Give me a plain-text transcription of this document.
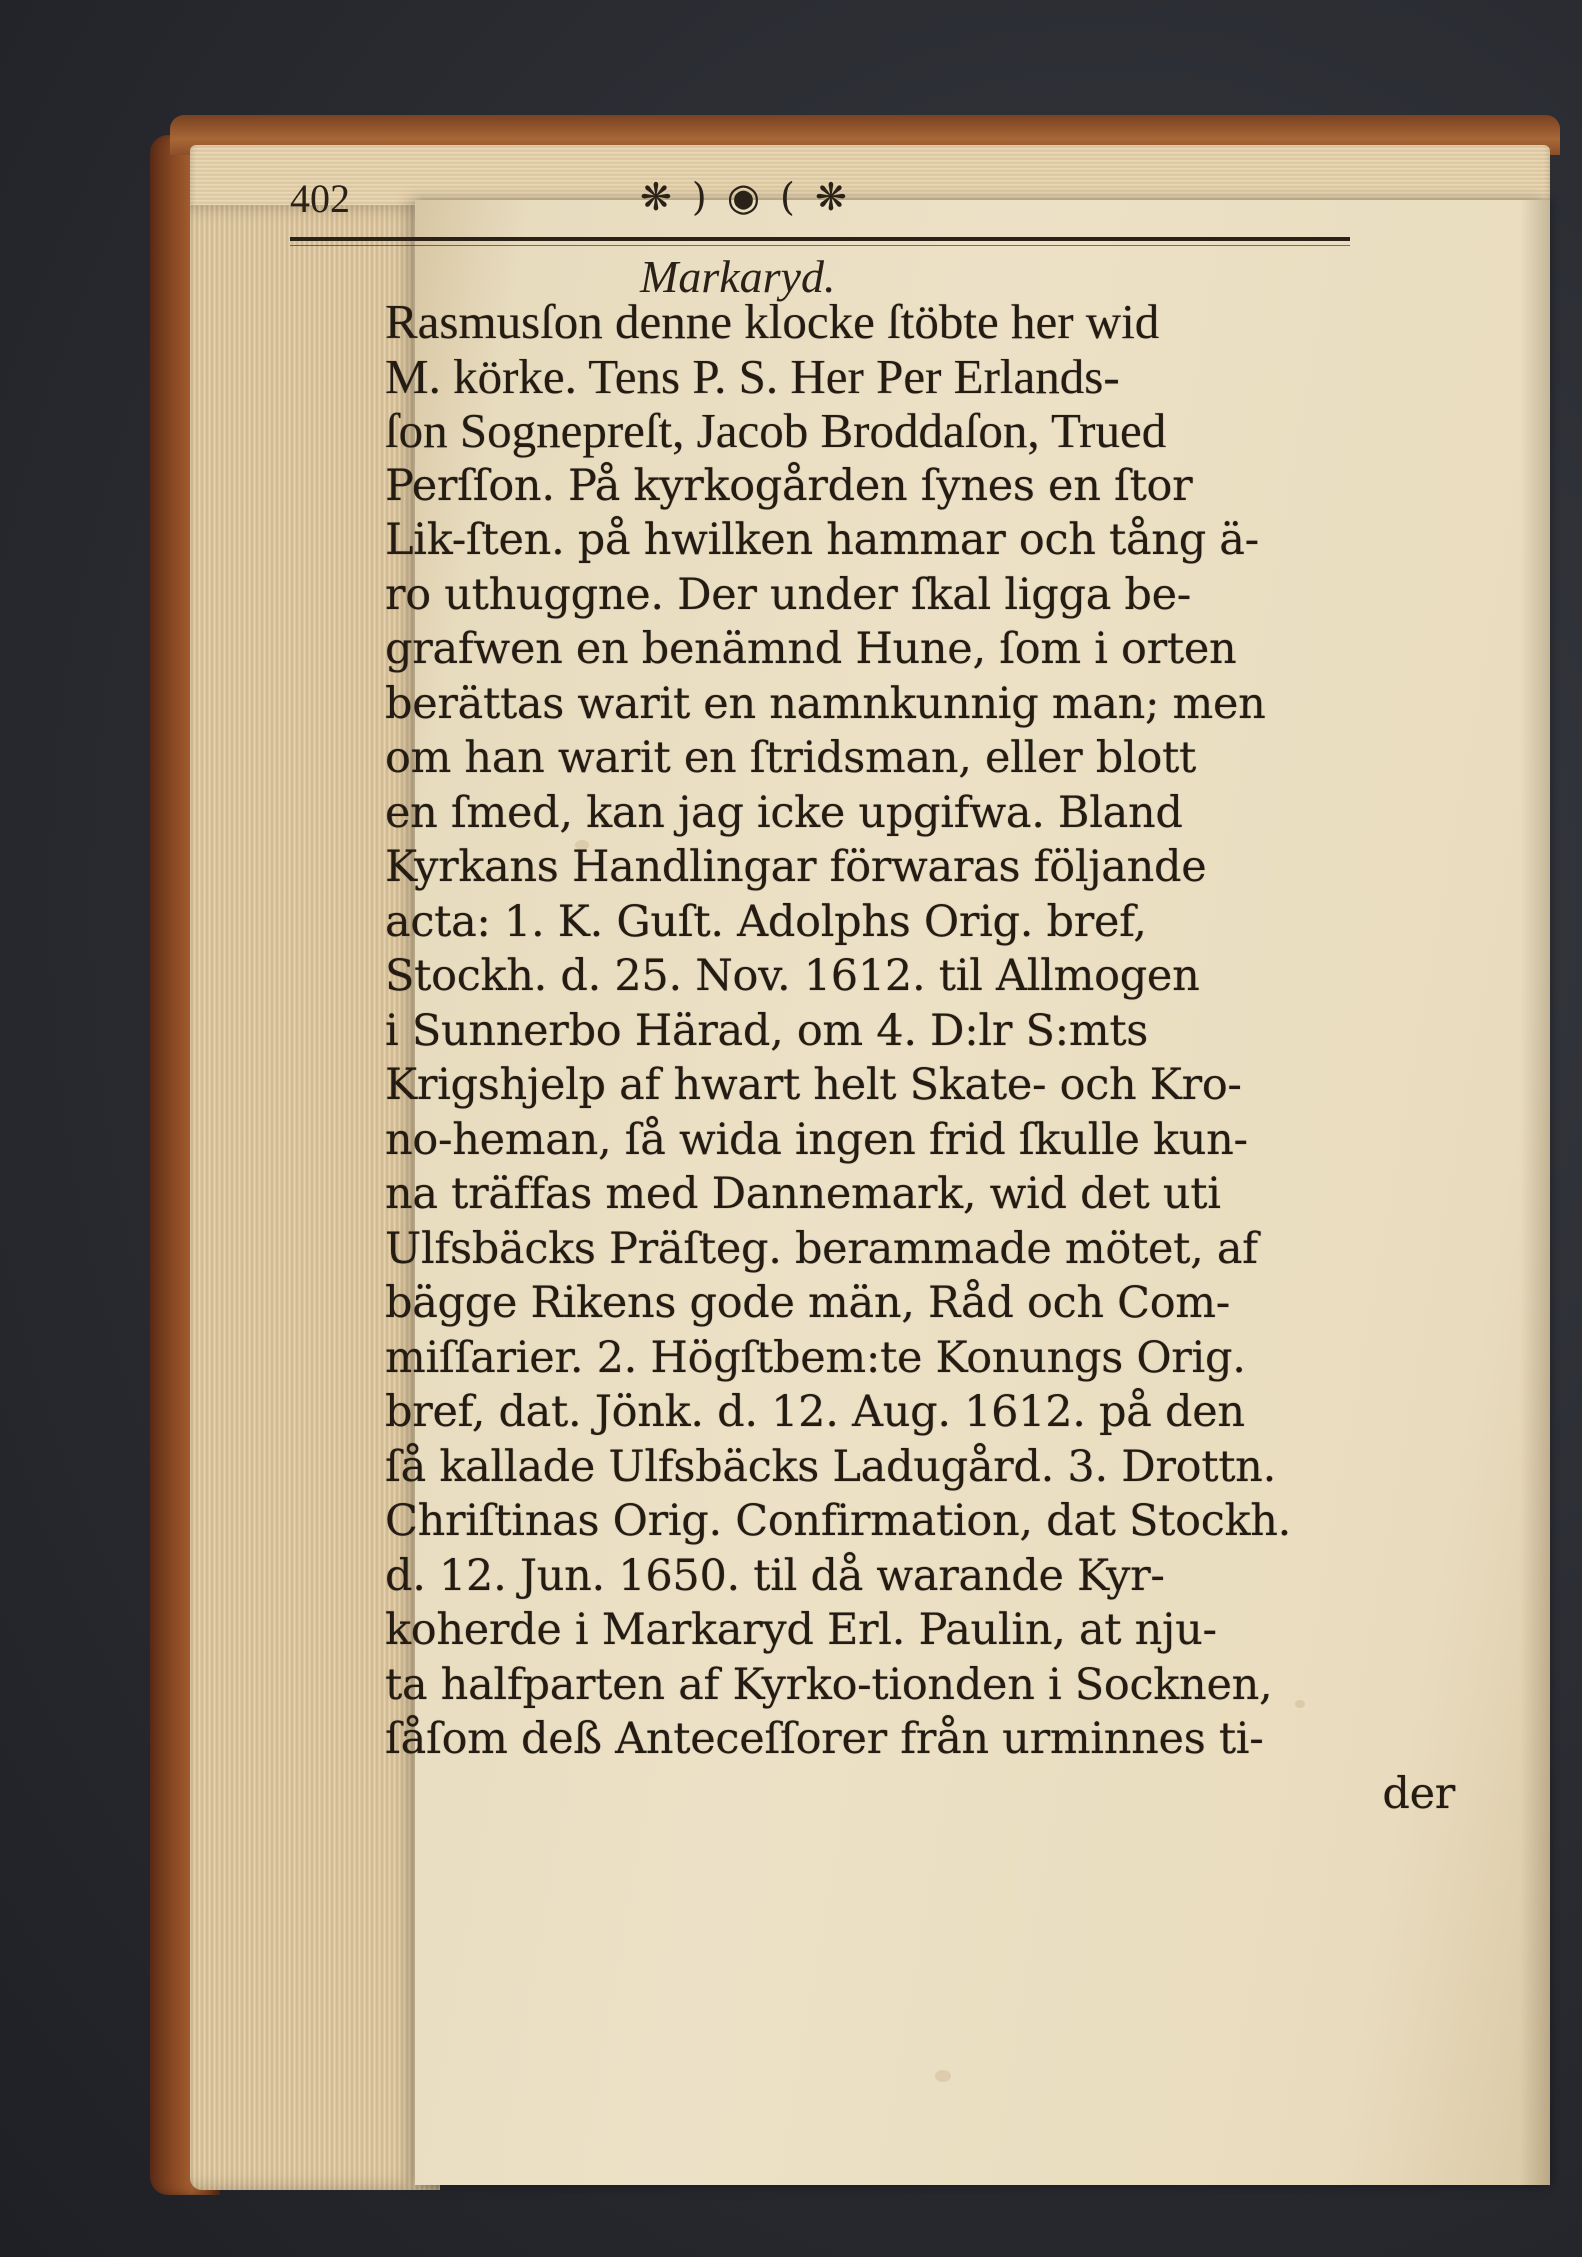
402	❋ ) ◉ ( ❋
Markaryd.
Rasmusſon denne klocke ſtöbte her wid
M. körke. Tens P. S. Her Per Erlands-
ſon Sognepreſt, Jacob Broddaſon, Trued
Perſſon. På kyrkogården ſynes en ſtor
Lik-ſten. på hwilken hammar och tång ä-
ro uthuggne. Der under ſkal ligga be-
grafwen en benämnd Hune, ſom i orten
berättas warit en namnkunnig man; men
om han warit en ſtridsman, eller blott
en ſmed, kan jag icke upgifwa. Bland
Kyrkans Handlingar förwaras följande
acta: 1. K. Guſt. Adolphs Orig. bref,
Stockh. d. 25. Nov. 1612. til Allmogen
i Sunnerbo Härad, om 4. D:lr S:mts
Krigshjelp af hwart helt Skate- och Kro-
no-heman, ſå wida ingen frid ſkulle kun-
na träffas med Dannemark, wid det uti
Ulfsbäcks Präſteg. berammade mötet, af
bägge Rikens gode män, Råd och Com-
miſſarier. 2. Högſtbem:te Konungs Orig.
bref, dat. Jönk. d. 12. Aug. 1612. på den
ſå kallade Ulfsbäcks Ladugård. 3. Drottn.
Chriſtinas Orig. Confirmation, dat Stockh.
d. 12. Jun. 1650. til då warande Kyr-
koherde i Markaryd Erl. Paulin, at nju-
ta halfparten af Kyrko-tionden i Socknen,
ſåſom deß Anteceſſorer från urminnes ti-
der
